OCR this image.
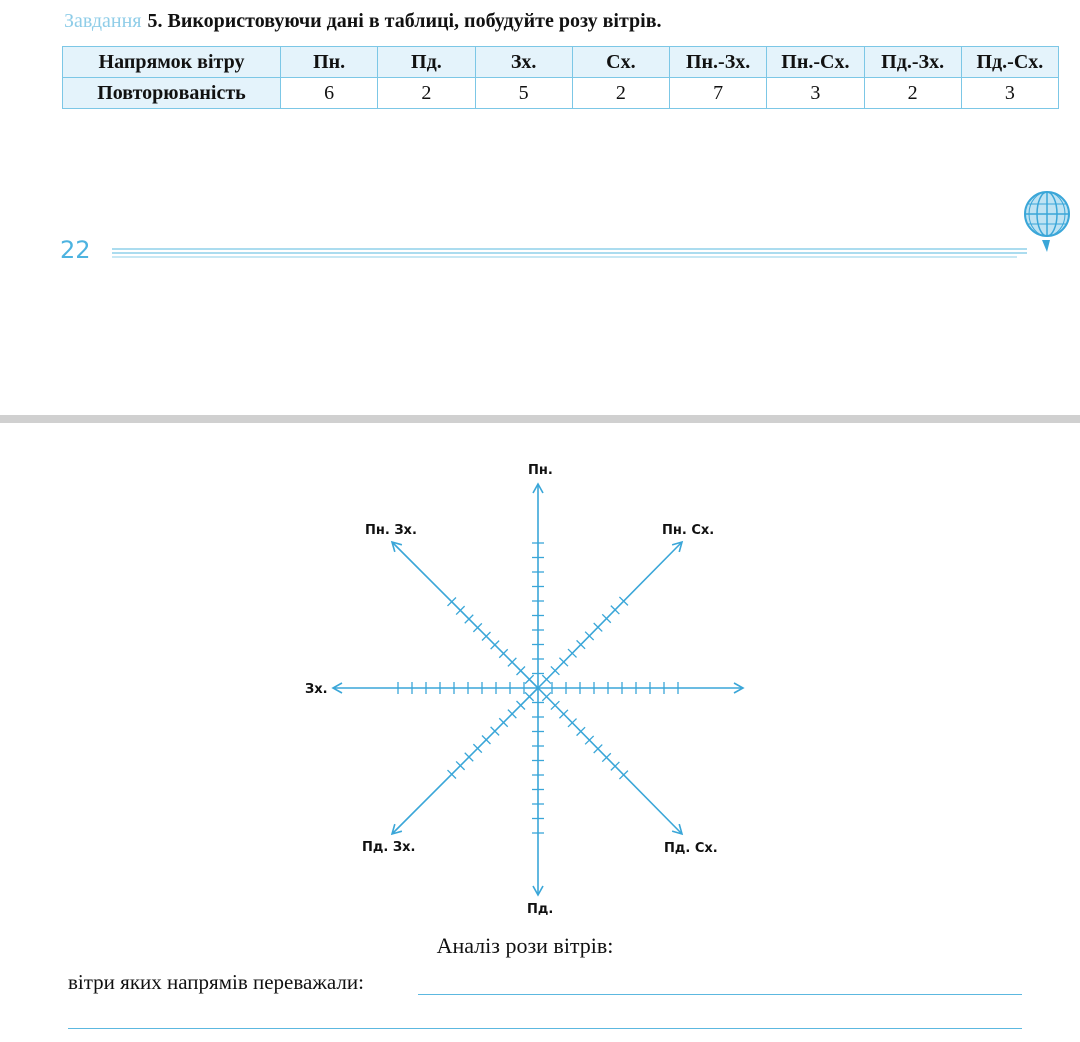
Завдання 5. Використовуючи дані в таблиці, побудуйте розу вітрів.
Напрямок вітру	Пн.	Пд.	Зх.	Сх.	Пн.-Зх.	Пн.-Сх.	Пд.-Зх.	Пд.-Сх.
Повторюваність	6	2	5	2	7	3	2	3
22
Пн.
Пд.
Зх.
Пн. Зх.	Пн. Сх.
Пд. Зх.	Пд. Сх.
Аналіз рози вітрів:
вітри яких напрямів переважали:
